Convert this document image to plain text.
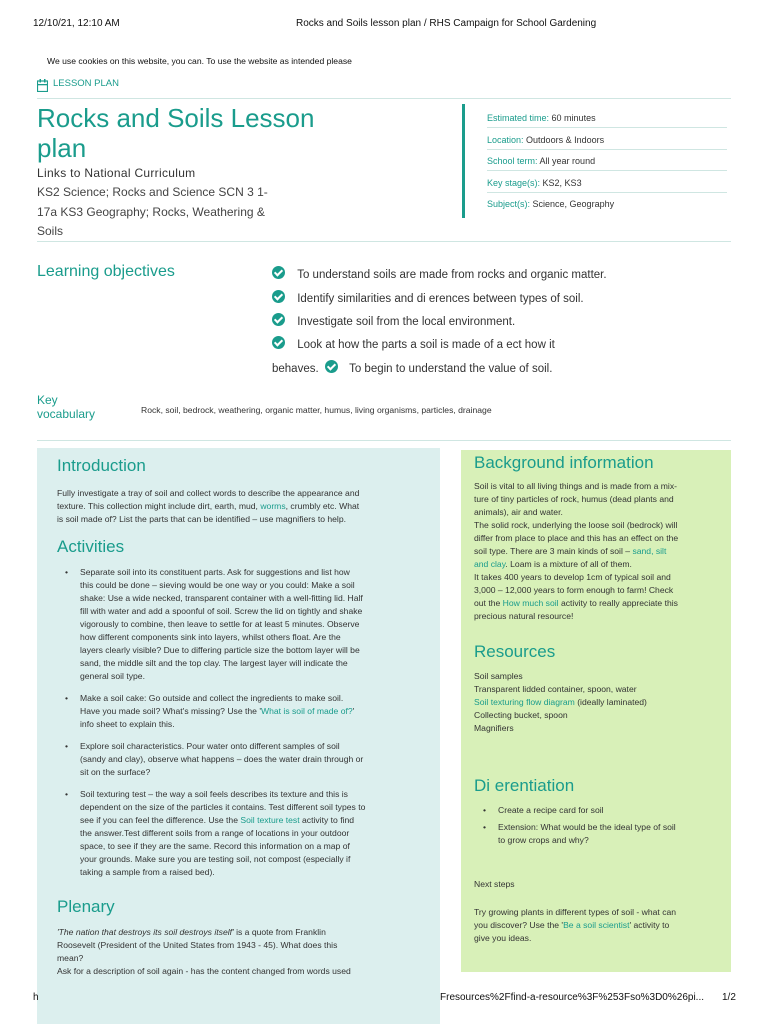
12/10/21, 12:10 AM	Rocks and Soils lesson plan / RHS Campaign for School Gardening
We use cookies on this website, you can. To use the website as intended please
LESSON PLAN
Rocks and Soils Lesson
plan
Links to National Curriculum
KS2 Science; Rocks and Science SCN 3 1-
17a KS3 Geography; Rocks, Weathering &
Soils
Estimated time: 60 minutes
Location: Outdoors & Indoors
School term: All year round
Key stage(s): KS2, KS3
Subject(s): Science, Geography
Learning objectives	To understand soils are made from rocks and organic matter.
Identify similarities and di erences between types of soil.
Investigate soil from the local environment.
Look at how the parts a soil is made of a ect how it
behaves.	To begin to understand the value of soil.
Key
vocabulary	Rock, soil, bedrock, weathering, organic matter, humus, living organisms, particles, drainage
Introduction
Fully investigate a tray of soil and collect words to describe the appearance and
texture. This collection might include dirt, earth, mud, worms, crumbly etc. What
is soil made of? List the parts that can be identified – use magnifiers to help.
Activities
• Separate soil into its constituent parts. Ask for suggestions and list how
this could be done – sieving would be one way or you could: Make a soil
shake: Use a wide necked, transparent container with a well-fitting lid. Half
fill with water and add a spoonful of soil. Screw the lid on tightly and shake
vigorously to combine, then leave to settle for at least 5 minutes. Observe
how different components sink into layers, whilst others float. Are the
layers clearly visible? Due to differing particle size the bottom layer will be
sand, the middle silt and the top clay. The largest layer will indicate the
general soil type.
• Make a soil cake: Go outside and collect the ingredients to make soil.
Have you made soil? What's missing? Use the 'What is soil of made of?'
info sheet to explain this.
• Explore soil characteristics. Pour water onto different samples of soil
(sandy and clay), observe what happens – does the water drain through or
sit on the surface?
• Soil texturing test – the way a soil feels describes its texture and this is
dependent on the size of the particles it contains. Test different soil types to
see if you can feel the difference. Use the Soil texture test activity to find
the answer.Test different soils from a range of locations in your outdoor
space, to see if they are the same. Record this information on a map of
your grounds. Make sure you are testing soil, not compost (especially if
taking a sample from a raised bed).
Plenary
'The nation that destroys its soil destroys itself' is a quote from Franklin
Roosevelt (President of the United States from 1943 - 45). What does this
mean?
Ask for a description of soil again - has the content changed from words used
Background information
Soil is vital to all living things and is made from a mix-
ture of tiny particles of rock, humus (dead plants and
animals), air and water.
The solid rock, underlying the loose soil (bedrock) will
differ from place to place and this has an effect on the
soil type. There are 3 main kinds of soil – sand, silt
and clay. Loam is a mixture of all of them.
It takes 400 years to develop 1cm of typical soil and
3,000 – 12,000 years to form enough to farm! Check
out the How much soil activity to really appreciate this
precious natural resource!
Resources
Soil samples
Transparent lidded container, spoon, water
Soil texturing flow diagram (ideally laminated)
Collecting bucket, spoon
Magnifiers
Di erentiation
• Create a recipe card for soil
• Extension: What would be the ideal type of soil
to grow crops and why?
Next steps
Try growing plants in different types of soil - what can
you discover? Use the 'Be a soil scientist' activity to
give you ideas.
h	Fresources%2Ffind-a-resource%3F%253Fso%3D0%26pi... 1/2
